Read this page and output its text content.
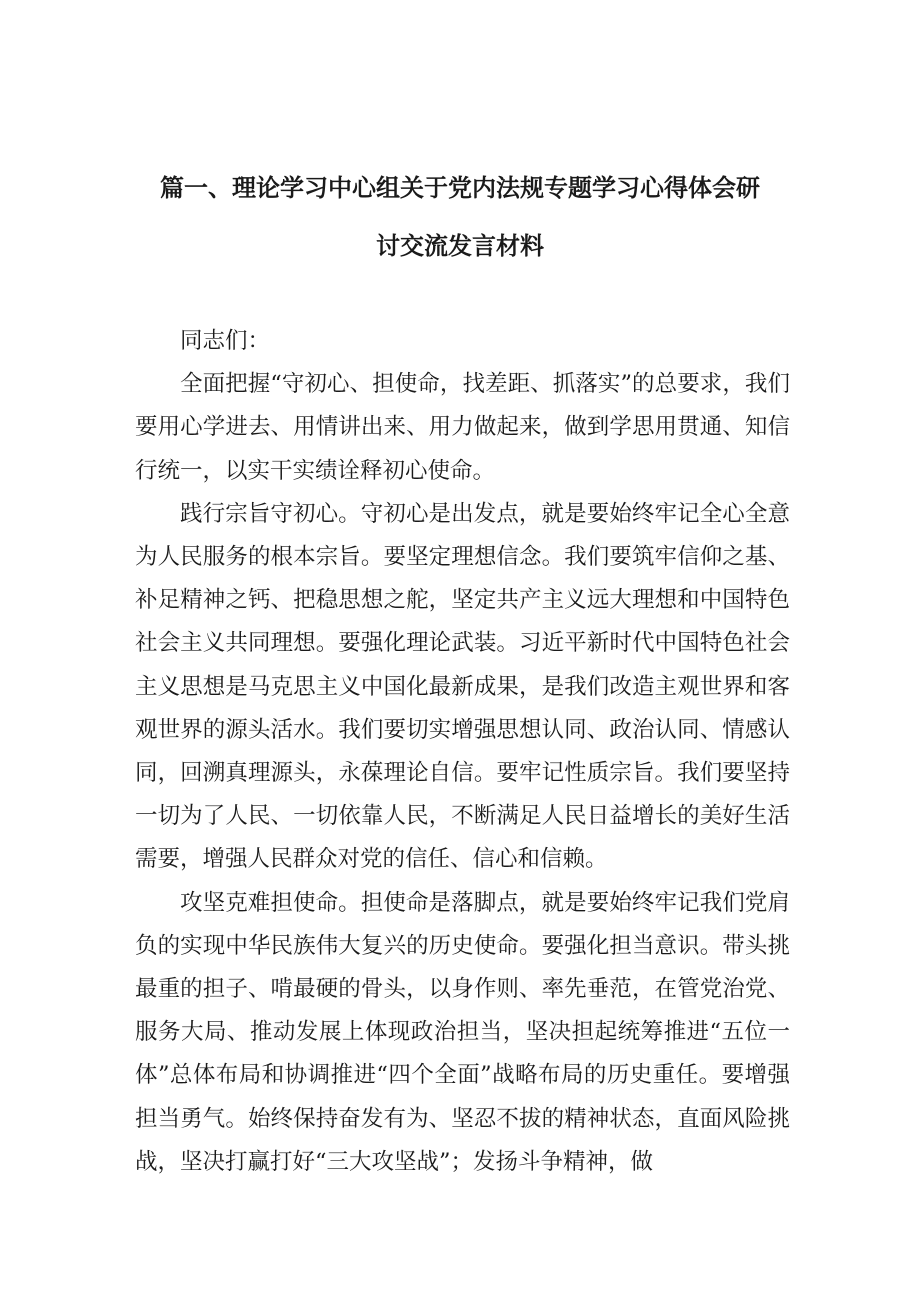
篇一、理论学习中心组关于党内法规专题学习心得体会研
讨交流发言材料

同志们：

全面把握“守初心、担使命，找差距、抓落实”的总要求，我们要用心学进去、用情讲出来、用力做起来，做到学思用贯通、知信行统一，以实干实绩诠释初心使命。

践行宗旨守初心。守初心是出发点，就是要始终牢记全心全意为人民服务的根本宗旨。要坚定理想信念。我们要筑牢信仰之基、补足精神之钙、把稳思想之舵，坚定共产主义远大理想和中国特色社会主义共同理想。要强化理论武装。习近平新时代中国特色社会主义思想是马克思主义中国化最新成果，是我们改造主观世界和客观世界的源头活水。我们要切实增强思想认同、政治认同、情感认同，回溯真理源头，永葆理论自信。要牢记性质宗旨。我们要坚持一切为了人民、一切依靠人民，不断满足人民日益增长的美好生活需要，增强人民群众对党的信任、信心和信赖。

攻坚克难担使命。担使命是落脚点，就是要始终牢记我们党肩负的实现中华民族伟大复兴的历史使命。要强化担当意识。带头挑最重的担子、啃最硬的骨头，以身作则、率先垂范，在管党治党、服务大局、推动发展上体现政治担当，坚决担起统筹推进“五位一体”总体布局和协调推进“四个全面”战略布局的历史重任。要增强担当勇气。始终保持奋发有为、坚忍不拔的精神状态，直面风险挑战，坚决打赢打好“三大攻坚战”；发扬斗争精神，做
